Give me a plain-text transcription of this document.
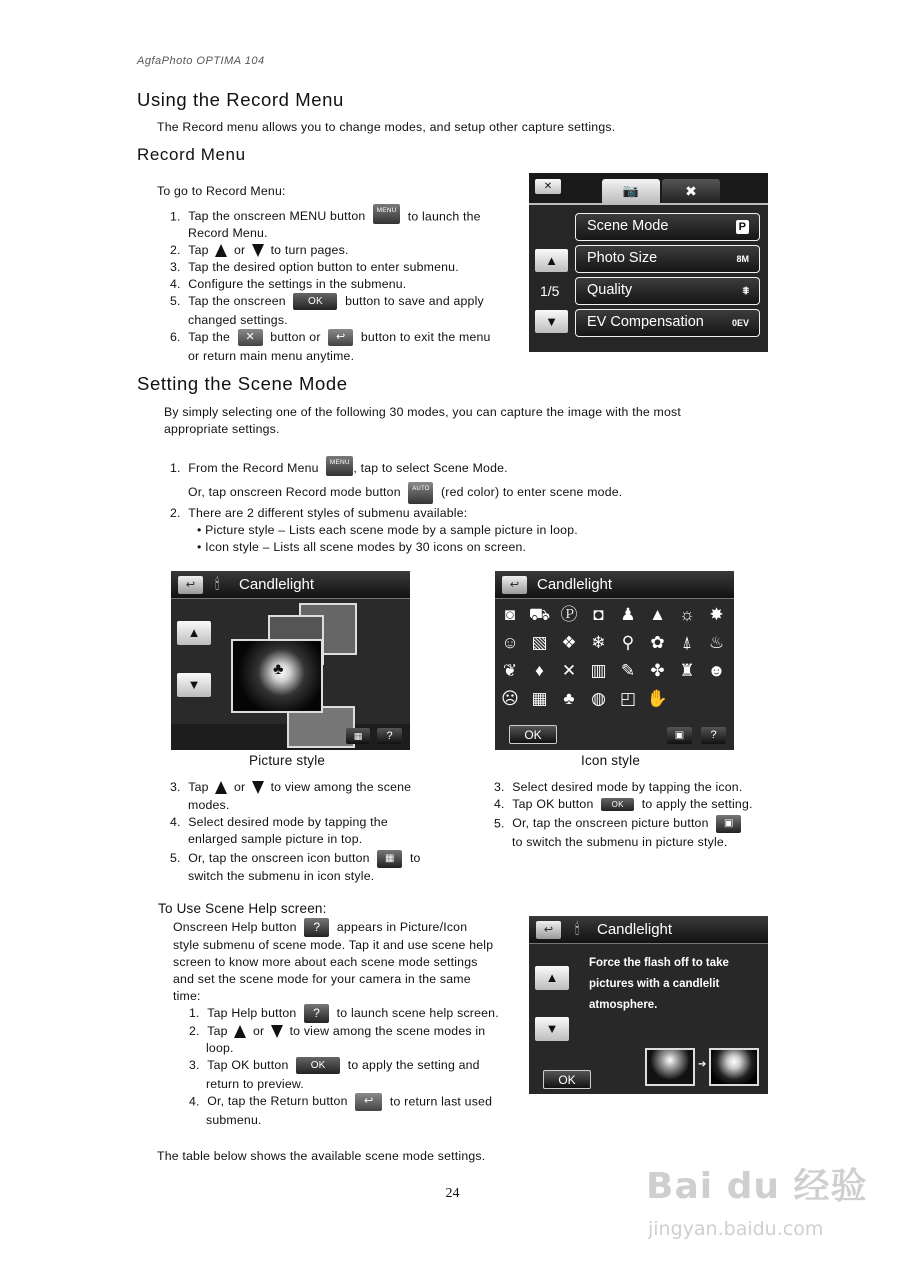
AgfaPhoto OPTIMA 104
Using the Record Menu
The Record menu allows you to change modes, and setup other capture settings.
Record Menu
To go to Record Menu:
1. Tap the onscreen MENU button MENU to launch the
Record Menu.
2. Tap or to turn pages.
3. Tap the desired option button to enter submenu.
4. Configure the settings in the submenu.
5. Tap the onscreen OK button to save and apply
changed settings.
6. Tap the ✕ button or ↩ button to exit the menu
or return main menu anytime.
✕	📷	✖
▲
1/5
▼
Scene Mode	P
Photo Size	8M
Quality	⩨
EV Compensation	0EV
Setting the Scene Mode
By simply selecting one of the following 30 modes, you can capture the image with the most
appropriate settings.
1. From the Record Menu MENU , tap to select Scene Mode.
Or, tap onscreen Record mode button AUTO (red color) to enter scene mode.
2. There are 2 different styles of submenu available:
• Picture style – Lists each scene mode by a sample picture in loop.
• Icon style – Lists all scene modes by 30 icons on screen.
↩	🕯 Candlelight
▲
▼
♣
▦	?
Picture style
↩	Candlelight
◙ ⛟ Ⓟ ◘ ♟ ▲ ☼ ✸
☺ ▧ ❖ ❄ ⚲ ✿	⍋ ♨
❦	♦	✕ ▥ ✎ ✤ ♜ ☻
☹ ▦ ♣ ◍ ◰ ✋
OK	▣	?
Icon style
3. Tap or to view among the scene
modes.
4. Select desired mode by tapping the
enlarged sample picture in top.
5. Or, tap the onscreen icon button ▦ to
switch the submenu in icon style.
3. Select desired mode by tapping the icon.
4. Tap OK button OK to apply the setting.
5. Or, tap the onscreen picture button ▣
to switch the submenu in picture style.
To Use Scene Help screen:
Onscreen Help button ? appears in Picture/Icon
style submenu of scene mode. Tap it and use scene help
screen to know more about each scene mode settings
and set the scene mode for your camera in the same
time:
1. Tap Help button ? to launch scene help screen.
2. Tap or to view among the scene modes in
loop.
3. Tap OK button OK to apply the setting and
return to preview.
4. Or, tap the Return button ↩ to return last used
submenu.
↩	🕯 Candlelight
▲
▼
Force the flash off to take
pictures with a candlelit
atmosphere.
➔
OK
The table below shows the available scene mode settings.
24	Bai du 经验
jingyan.baidu.com
